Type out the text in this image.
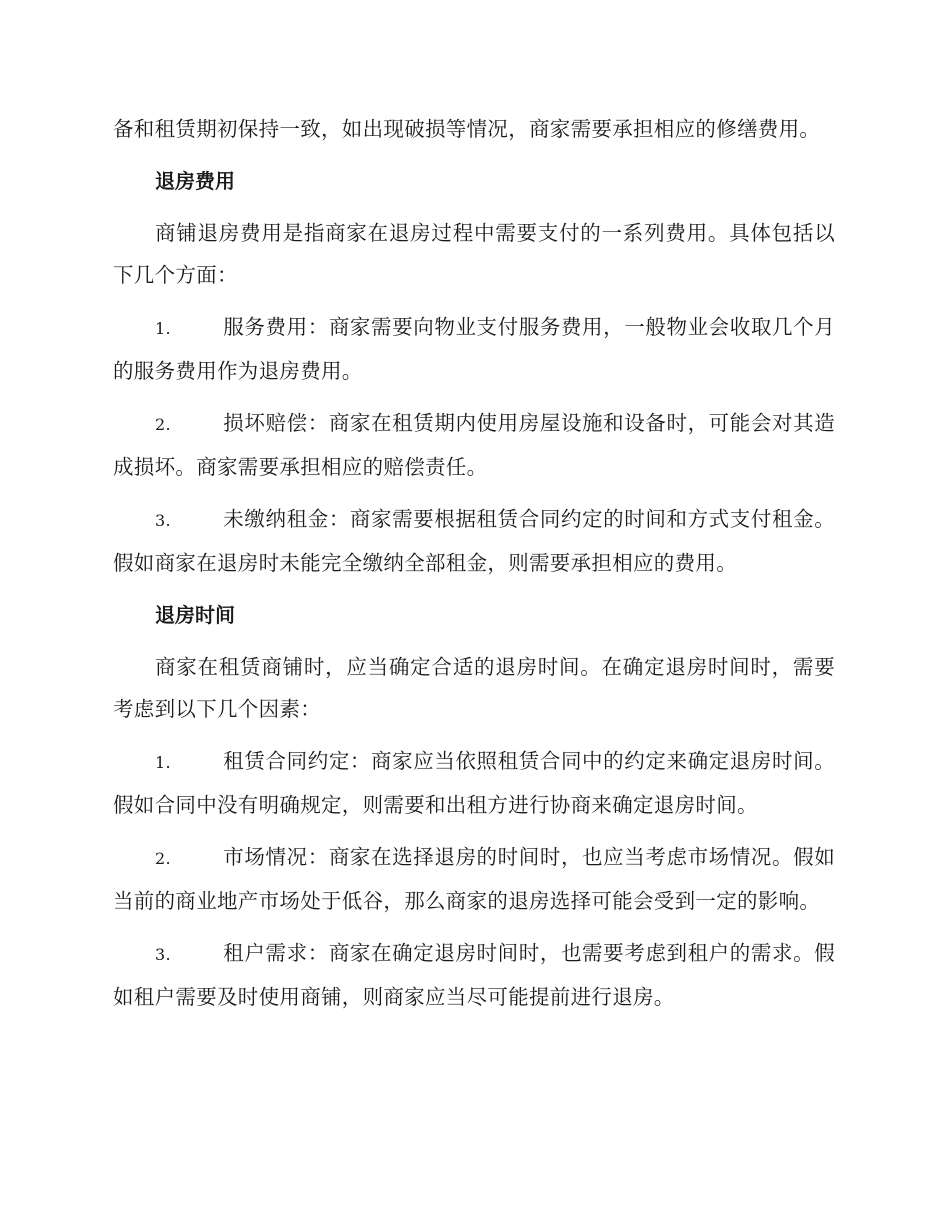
备和租赁期初保持一致，如出现破损等情况，商家需要承担相应的修缮费用。

退房费用

商铺退房费用是指商家在退房过程中需要支付的一系列费用。具体包括以下几个方面：

1.	服务费用：商家需要向物业支付服务费用，一般物业会收取几个月的服务费用作为退房费用。

2.	损坏赔偿：商家在租赁期内使用房屋设施和设备时，可能会对其造成损坏。商家需要承担相应的赔偿责任。

3.	未缴纳租金：商家需要根据租赁合同约定的时间和方式支付租金。假如商家在退房时未能完全缴纳全部租金，则需要承担相应的费用。

退房时间

商家在租赁商铺时，应当确定合适的退房时间。在确定退房时间时，需要考虑到以下几个因素：

1.	租赁合同约定：商家应当依照租赁合同中的约定来确定退房时间。假如合同中没有明确规定，则需要和出租方进行协商来确定退房时间。

2.	市场情况：商家在选择退房的时间时，也应当考虑市场情况。假如当前的商业地产市场处于低谷，那么商家的退房选择可能会受到一定的影响。

3.	租户需求：商家在确定退房时间时，也需要考虑到租户的需求。假如租户需要及时使用商铺，则商家应当尽可能提前进行退房。
